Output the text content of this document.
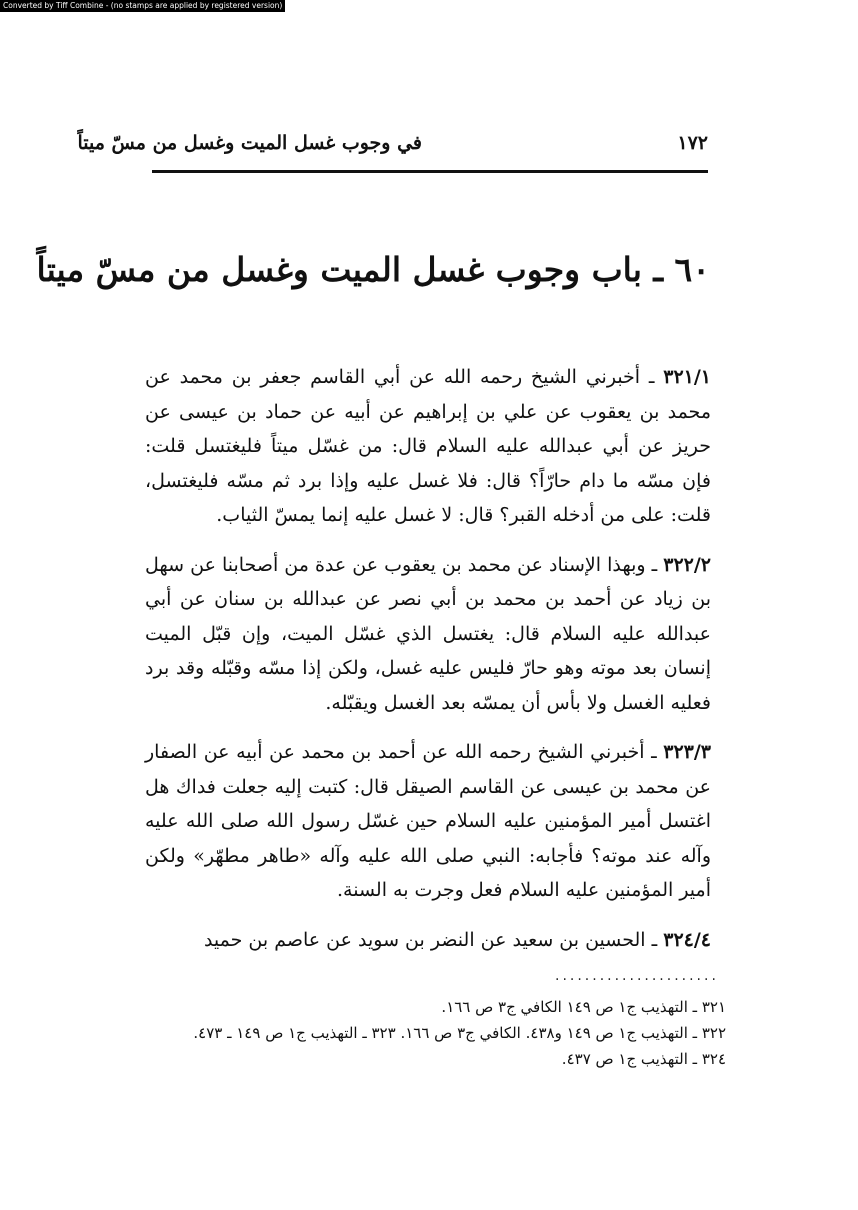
Converted by Tiff Combine - (no stamps are applied by registered version)
في وجوب غسل الميت وغسل من مسّ ميتاً	١٧٢
٦٠ ـ باب وجوب غسل الميت وغسل من مسّ ميتاً

٣٢١/١ ـ أخبرني الشيخ رحمه الله عن أبي القاسم جعفر بن محمد عن محمد بن يعقوب عن علي بن إبراهيم عن أبيه عن حماد بن عيسى عن حريز عن أبي عبدالله عليه السلام قال: من غسّل ميتاً فليغتسل قلت: فإن مسّه ما دام حارّاً؟ قال: فلا غسل عليه وإذا برد ثم مسّه فليغتسل، قلت: على من أدخله القبر؟ قال: لا غسل عليه إنما يمسّ الثياب.

٣٢٢/٢ ـ وبهذا الإسناد عن محمد بن يعقوب عن عدة من أصحابنا عن سهل بن زياد عن أحمد بن محمد بن أبي نصر عن عبدالله بن سنان عن أبي عبدالله عليه السلام قال: يغتسل الذي غسّل الميت، وإن قبّل الميت إنسان بعد موته وهو حارّ فليس عليه غسل، ولكن إذا مسّه وقبّله وقد برد فعليه الغسل ولا بأس أن يمسّه بعد الغسل ويقبّله.

٣٢٣/٣ ـ أخبرني الشيخ رحمه الله عن أحمد بن محمد عن أبيه عن الصفار عن محمد بن عيسى عن القاسم الصيقل قال: كتبت إليه جعلت فداك هل اغتسل أمير المؤمنين عليه السلام حين غسّل رسول الله صلى الله عليه وآله عند موته؟ فأجابه: النبي صلى الله عليه وآله «طاهر مطهّر» ولكن أمير المؤمنين عليه السلام فعل وجرت به السنة.

٣٢٤/٤ ـ الحسين بن سعيد عن النضر بن سويد عن عاصم بن حميد

......................

٣٢١ ـ التهذيب ج١ ص ١٤٩ الكافي ج٣ ص ١٦٦.

٣٢٢ ـ التهذيب ج١ ص ١٤٩ و٤٣٨. الكافي ج٣ ص ١٦٦. ٣٢٣ ـ التهذيب ج١ ص ١٤٩ ـ ٤٧٣.

٣٢٤ ـ التهذيب ج١ ص ٤٣٧.
